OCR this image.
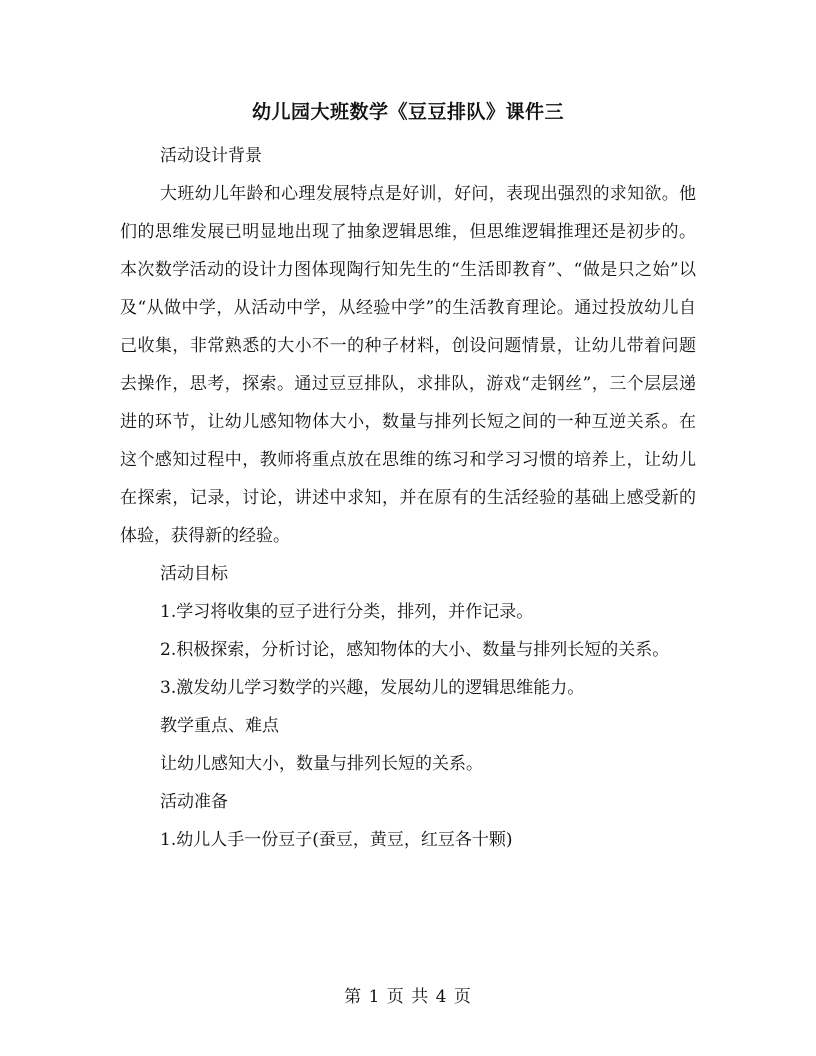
幼儿园大班数学《豆豆排队》课件三

活动设计背景

大班幼儿年龄和心理发展特点是好训，好问，表现出强烈的求知欲。他们的思维发展已明显地出现了抽象逻辑思维，但思维逻辑推理还是初步的。本次数学活动的设计力图体现陶行知先生的“生活即教育”、“做是只之始”以及“从做中学，从活动中学，从经验中学”的生活教育理论。通过投放幼儿自己收集，非常熟悉的大小不一的种子材料，创设问题情景，让幼儿带着问题去操作，思考，探索。通过豆豆排队，求排队，游戏“走钢丝”，三个层层递进的环节，让幼儿感知物体大小，数量与排列长短之间的一种互逆关系。在这个感知过程中，教师将重点放在思维的练习和学习习惯的培养上，让幼儿在探索，记录，讨论，讲述中求知，并在原有的生活经验的基础上感受新的体验，获得新的经验。

活动目标

1.学习将收集的豆子进行分类，排列，并作记录。

2.积极探索，分析讨论，感知物体的大小、数量与排列长短的关系。

3.激发幼儿学习数学的兴趣，发展幼儿的逻辑思维能力。

教学重点、难点

让幼儿感知大小，数量与排列长短的关系。

活动准备

1.幼儿人手一份豆子(蚕豆，黄豆，红豆各十颗)

第 1 页 共 4 页
